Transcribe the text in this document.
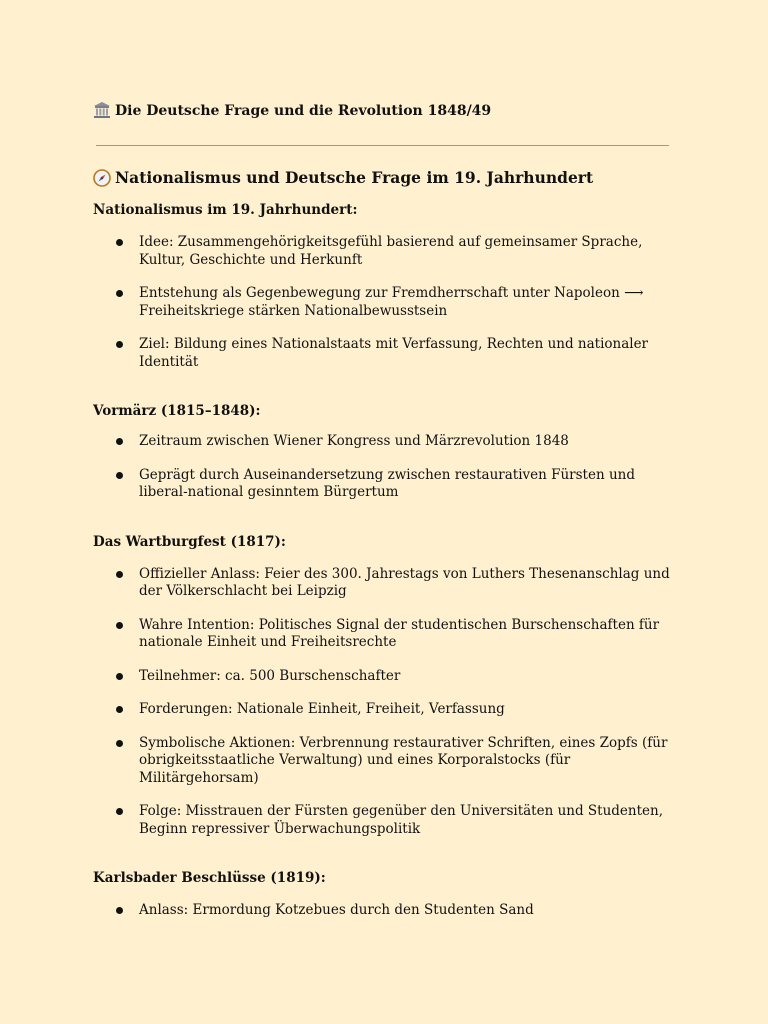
Die Deutsche Frage und die Revolution 1848/49
Nationalismus und Deutsche Frage im 19. Jahrhundert
Nationalismus im 19. Jahrhundert:
Idee: Zusammengehörigkeitsgefühl basierend auf gemeinsamer Sprache, Kultur, Geschichte und Herkunft
Entstehung als Gegenbewegung zur Fremdherrschaft unter Napoleon ⟶ Freiheitskriege stärken Nationalbewusstsein
Ziel: Bildung eines Nationalstaats mit Verfassung, Rechten und nationaler Identität
Vormärz (1815–1848):
Zeitraum zwischen Wiener Kongress und Märzrevolution 1848
Geprägt durch Auseinandersetzung zwischen restaurativen Fürsten und liberal-national gesinntem Bürgertum
Das Wartburgfest (1817):
Offizieller Anlass: Feier des 300. Jahrestags von Luthers Thesenanschlag und der Völkerschlacht bei Leipzig
Wahre Intention: Politisches Signal der studentischen Burschenschaften für nationale Einheit und Freiheitsrechte
Teilnehmer: ca. 500 Burschenschafter
Forderungen: Nationale Einheit, Freiheit, Verfassung
Symbolische Aktionen: Verbrennung restaurativer Schriften, eines Zopfs (für obrigkeitsstaatliche Verwaltung) und eines Korporalstocks (für Militärgehorsam)
Folge: Misstrauen der Fürsten gegenüber den Universitäten und Studenten, Beginn repressiver Überwachungspolitik
Karlsbader Beschlüsse (1819):
Anlass: Ermordung Kotzebues durch den Studenten Sand
